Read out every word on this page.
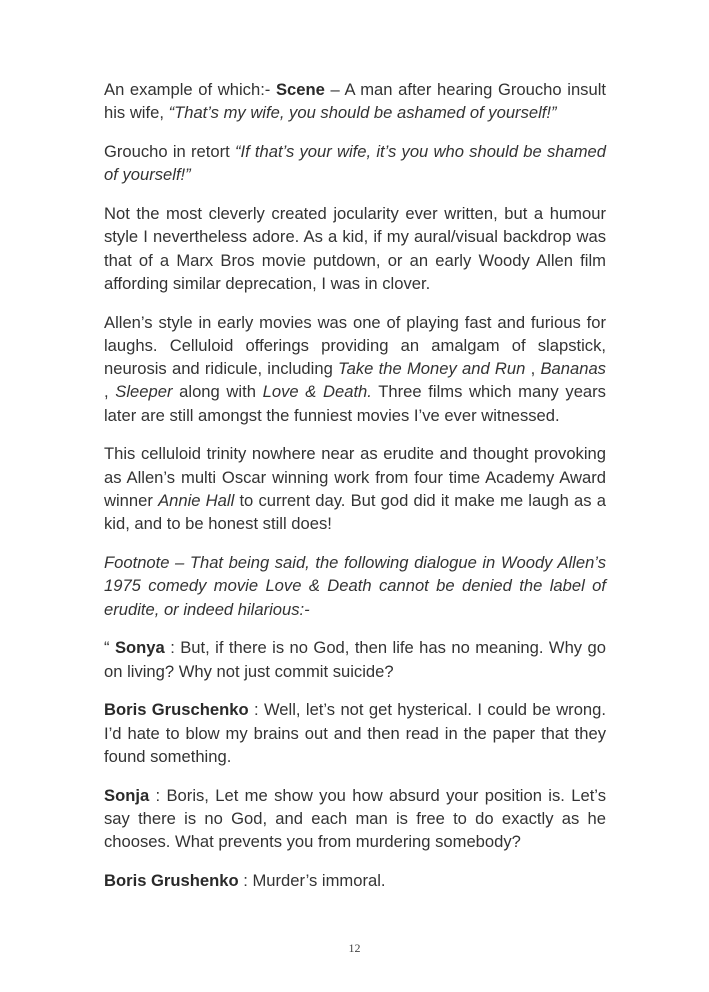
An example of which:- Scene – A man after hearing Groucho insult his wife, “That’s my wife, you should be ashamed of yourself!”

Groucho in retort “If that’s your wife, it’s you who should be shamed of yourself!”

Not the most cleverly created jocularity ever written, but a humour style I nevertheless adore. As a kid, if my aural/visual backdrop was that of a Marx Bros movie putdown, or an early Woody Allen film affording similar deprecation, I was in clover.

Allen’s style in early movies was one of playing fast and furious for laughs. Celluloid offerings providing an amalgam of slapstick, neurosis and ridicule, including Take the Money and Run , Bananas , Sleeper along with Love & Death. Three films which many years later are still amongst the funniest movies I’ve ever witnessed.

This celluloid trinity nowhere near as erudite and thought provoking as Allen’s multi Oscar winning work from four time Academy Award winner Annie Hall to current day. But god did it make me laugh as a kid, and to be honest still does!

Footnote – That being said, the following dialogue in Woody Allen’s 1975 comedy movie Love & Death cannot be denied the label of erudite, or indeed hilarious:-

“ Sonya : But, if there is no God, then life has no meaning. Why go on living? Why not just commit suicide?

Boris Gruschenko : Well, let’s not get hysterical. I could be wrong. I’d hate to blow my brains out and then read in the paper that they found something.

Sonja : Boris, Let me show you how absurd your position is. Let’s say there is no God, and each man is free to do exactly as he chooses. What prevents you from murdering somebody?

Boris Grushenko : Murder’s immoral.

12
